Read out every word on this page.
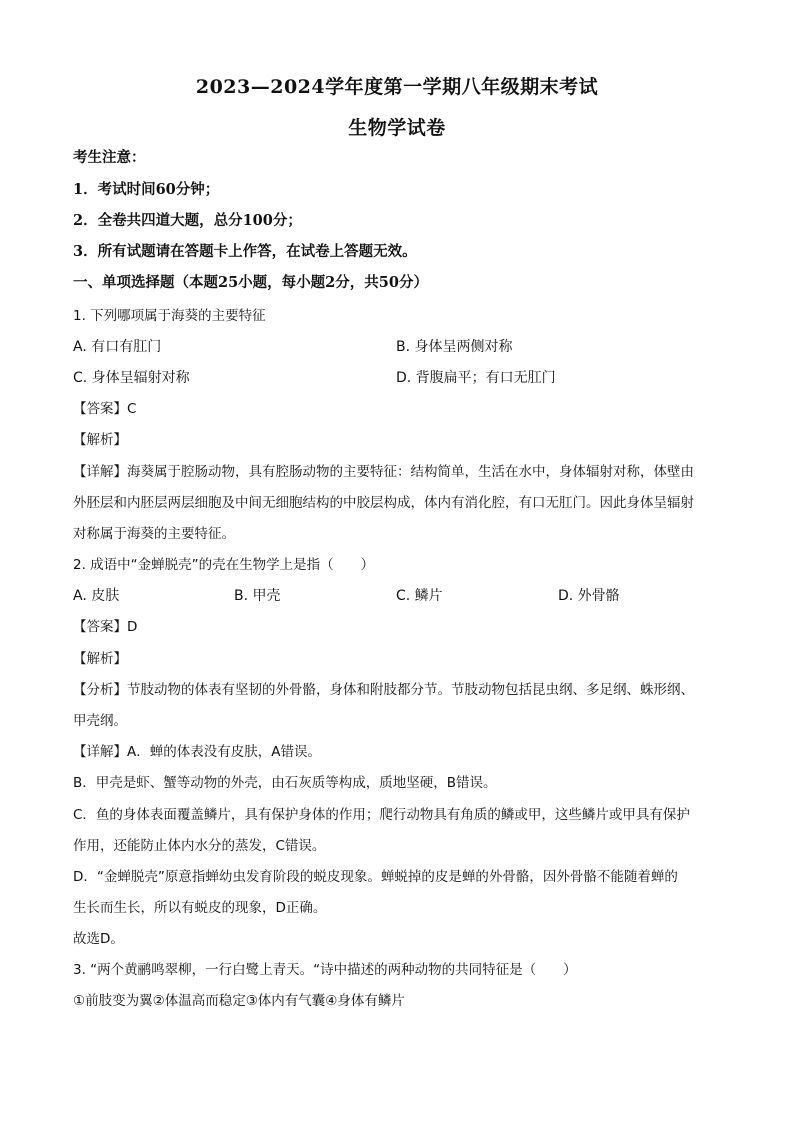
2023—2024学年度第一学期八年级期末考试
生物学试卷
考生注意：
1．考试时间60分钟；
2．全卷共四道大题，总分100分；
3．所有试题请在答题卡上作答，在试卷上答题无效。
一、单项选择题（本题25小题，每小题2分，共50分）
1. 下列哪项属于海葵的主要特征
A. 有口有肛门	B. 身体呈两侧对称
C. 身体呈辐射对称	D. 背腹扁平；有口无肛门
【答案】C
【解析】
【详解】海葵属于腔肠动物，具有腔肠动物的主要特征：结构简单，生活在水中，身体辐射对称，体壁由
外胚层和内胚层两层细胞及中间无细胞结构的中胶层构成，体内有消化腔，有口无肛门。因此身体呈辐射
对称属于海葵的主要特征。
2. 成语中“金蝉脱壳”的壳在生物学上是指（　　）
A. 皮肤	B. 甲壳	C. 鳞片	D. 外骨骼
【答案】D
【解析】
【分析】节肢动物的体表有坚韧的外骨骼，身体和附肢都分节。节肢动物包括昆虫纲、多足纲、蛛形纲、
甲壳纲。
【详解】A．蝉的体表没有皮肤，A错误。
B．甲壳是虾、蟹等动物的外壳，由石灰质等构成，质地坚硬，B错误。
C．鱼的身体表面覆盖鳞片，具有保护身体的作用；爬行动物具有角质的鳞或甲，这些鳞片或甲具有保护
作用，还能防止体内水分的蒸发，C错误。
D．“金蝉脱壳”原意指蝉幼虫发育阶段的蜕皮现象。蝉蜕掉的皮是蝉的外骨骼，因外骨骼不能随着蝉的
生长而生长，所以有蜕皮的现象，D正确。
故选D。
3. “两个黄鹂鸣翠柳，一行白鹭上青天。“诗中描述的两种动物的共同特征是（　　）
①前肢变为翼②体温高而稳定③体内有气囊④身体有鳞片
